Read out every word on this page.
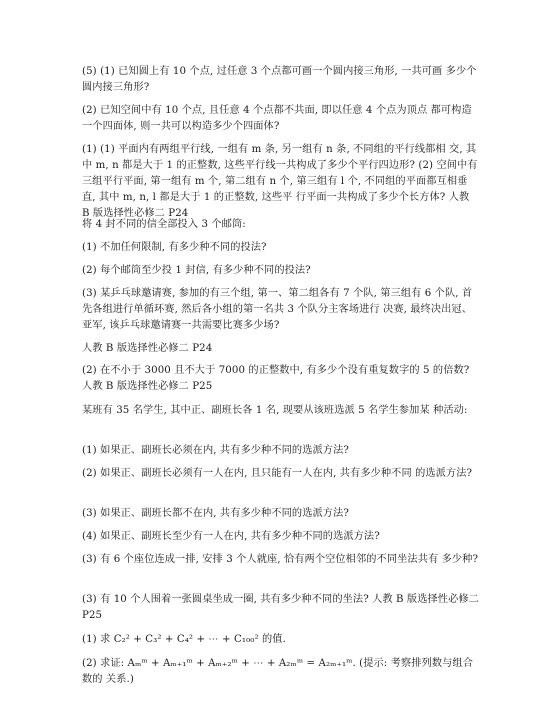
(5) (1) 已知圆上有 10 个点, 过任意 3 个点都可画一个圆内接三角形, 一共可画 多少个圆内接三角形?
(2) 已知空间中有 10 个点, 且任意 4 个点都不共面, 即以任意 4 个点为顶点 都可构造一个四面体, 则一共可以构造多少个四面体?
(1) (1) 平面内有两组平行线, 一组有 m 条, 另一组有 n 条, 不同组的平行线都相 交, 其中 m, n 都是大于 1 的正整数, 这些平行线一共构成了多少个平行四边形? (2) 空间中有三组平行平面, 第一组有 m 个, 第二组有 n 个, 第三组有 l 个, 不同组的平面都互相垂直, 其中 m, n, l 都是大于 1 的正整数, 这些平 行平面一共构成了多少个长方体? 人教 B 版选择性必修二 P24
将 4 封不同的信全部投入 3 个邮筒:
(1) 不加任何限制, 有多少种不同的投法?
(2) 每个邮筒至少投 1 封信, 有多少种不同的投法?
(3) 某乒乓球邀请赛, 参加的有三个组, 第一、第二组各有 7 个队, 第三组有 6 个队, 首先各组进行单循环赛, 然后各小组的第一名共 3 个队分主客场进行 决赛, 最终决出冠、亚军, 该乒乓球邀请赛一共需要比赛多少场?
人教 B 版选择性必修二 P24
(2) 在不小于 3000 且不大于 7000 的正整数中, 有多少个没有重复数字的 5 的倍数? 人教 B 版选择性必修二 P25
某班有 35 名学生, 其中正、副班长各 1 名, 现要从该班选派 5 名学生参加某 种活动:
(1) 如果正、副班长必须在内, 共有多少种不同的选派方法?
(2) 如果正、副班长必须有一人在内, 且只能有一人在内, 共有多少种不同 的选派方法?
(3) 如果正、副班长都不在内, 共有多少种不同的选派方法?
(4) 如果正、副班长至少有一人在内, 共有多少种不同的选派方法?
(3) 有 6 个座位连成一排, 安排 3 个人就座, 恰有两个空位相邻的不同坐法共有 多少种?
(3) 有 10 个人围着一张圆桌坐成一圈, 共有多少种不同的坐法? 人教 B 版选择性必修二 P25
(1) 求 C₂² + C₃² + C₄² + ⋯ + C₁₀₀² 的值.
(2) 求证: Aₘᵐ + Aₘ₊₁ᵐ + Aₘ₊₂ᵐ + ⋯ + A₂ₘᵐ = A₂ₘ₊₁ᵐ. (提示: 考察排列数与组合数的 关系.)
